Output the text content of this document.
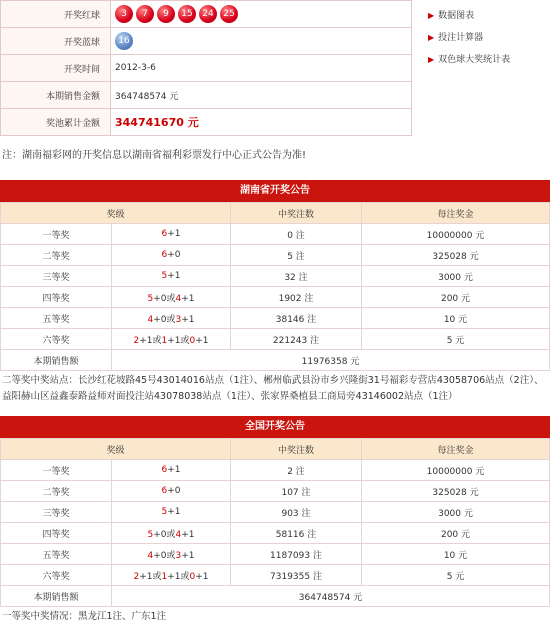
开奖红球	3 7 9 15 24 25
开奖蓝球	16
开奖时间	2012-3-6
本期销售金额	364748574 元
奖池累计金额	344741670 元
▶ 数据图表
▶ 投注计算器
▶ 双色球大奖统计表
注：湖南福彩网的开奖信息以湖南省福利彩票发行中心正式公告为准!
湖南省开奖公告
奖级		中奖注数	每注奖金
一等奖	6+1	0 注	10000000 元
二等奖	6+0	5 注	325028 元
三等奖	5+1	32 注	3000 元
四等奖	5+0或4+1	1902 注	200 元
五等奖	4+0或3+1	38146 注	10 元
六等奖	2+1或1+1或0+1	221243 注	5 元
本期销售额	11976358 元		
二等奖中奖站点：长沙红花坡路45号43014016站点（1注）、郴州临武县汾市乡兴隆街31号福彩专营店43058706站点（2注）、益阳赫山区益鑫泰路益师对面投注站43078038站点（1注）、张家界桑植县工商局旁43146002站点（1注）
全国开奖公告
奖级		中奖注数	每注奖金
一等奖	6+1	2 注	10000000 元
二等奖	6+0	107 注	325028 元
三等奖	5+1	903 注	3000 元
四等奖	5+0或4+1	58116 注	200 元
五等奖	4+0或3+1	1187093 注	10 元
六等奖	2+1或1+1或0+1	7319355 注	5 元
本期销售额	364748574 元		
一等奖中奖情况：黑龙江1注、广东1注
